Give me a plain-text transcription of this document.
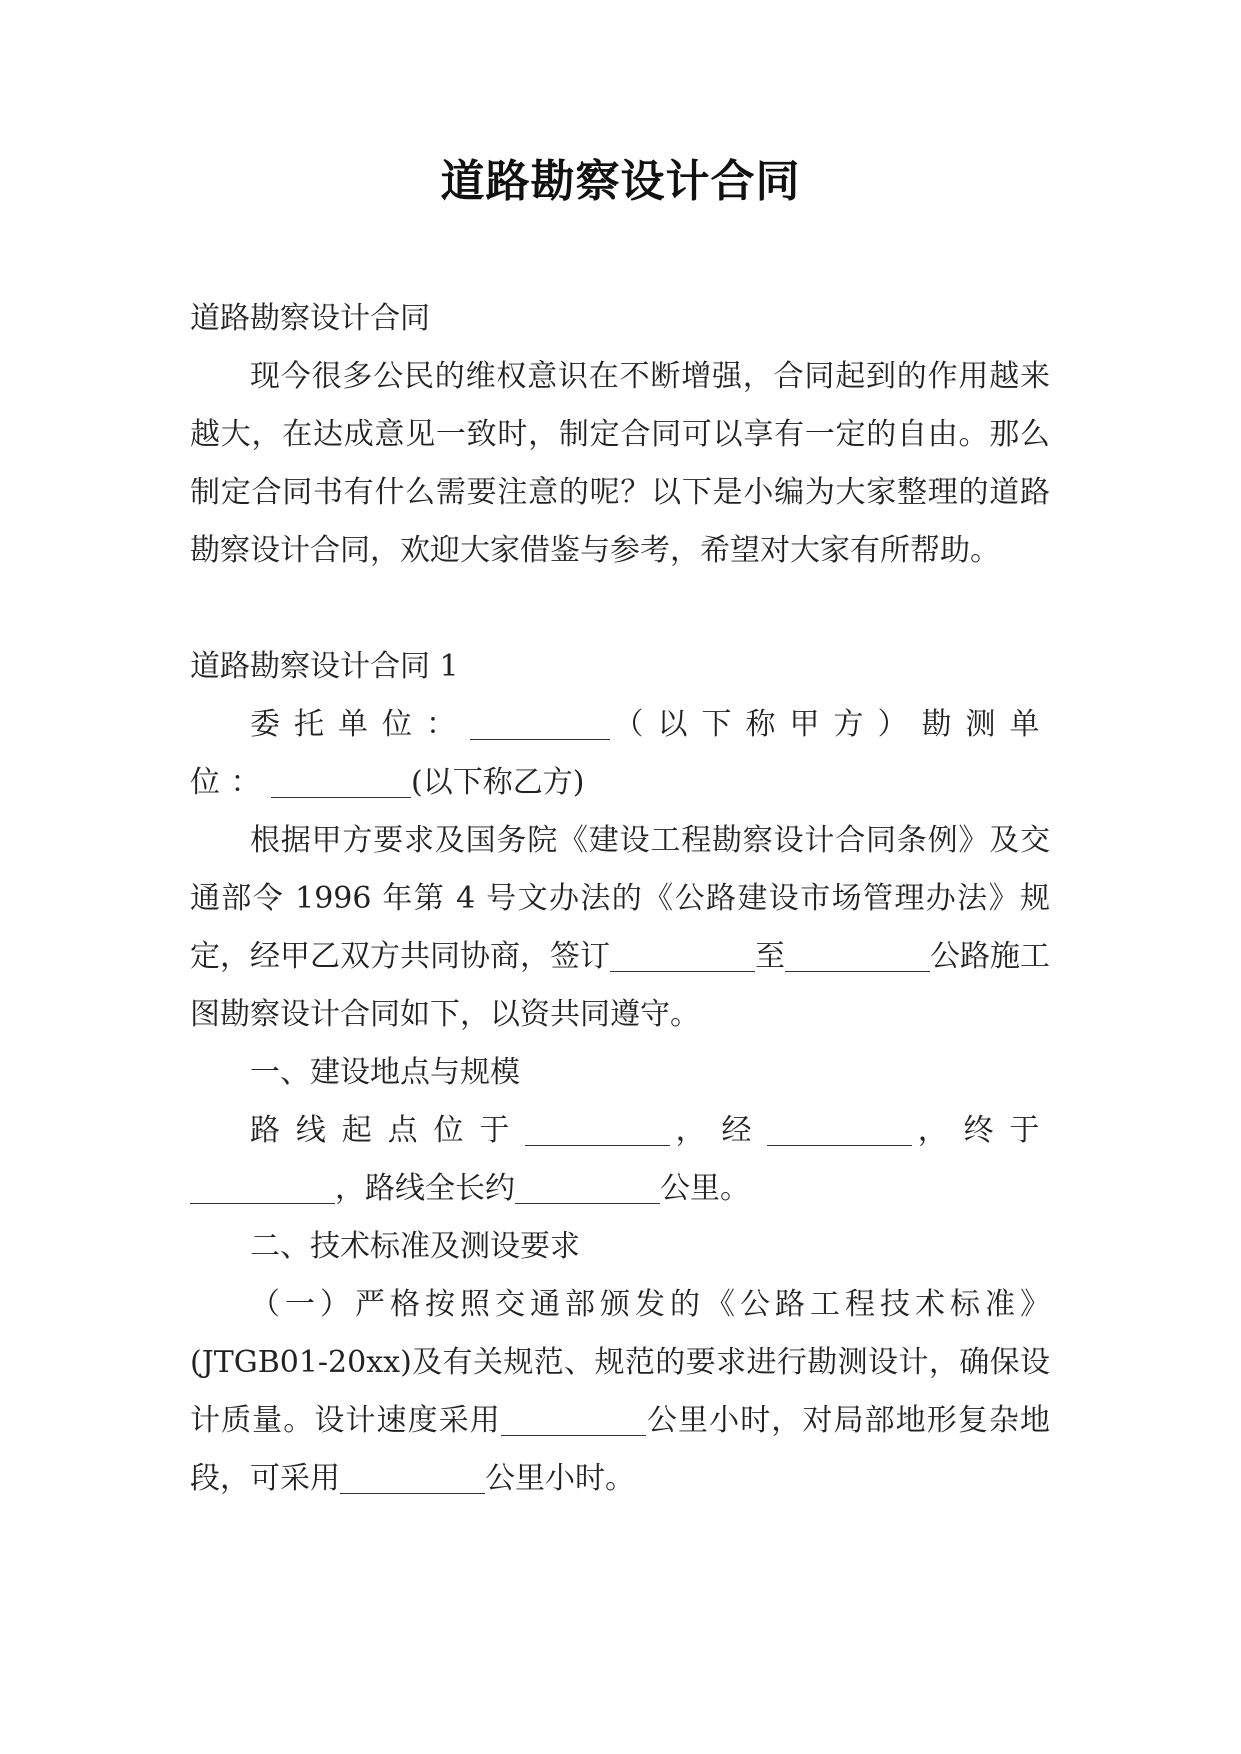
道路勘察设计合同

道路勘察设计合同

现今很多公民的维权意识在不断增强，合同起到的作用越来越大，在达成意见一致时，制定合同可以享有一定的自由。那么制定合同书有什么需要注意的呢？以下是小编为大家整理的道路勘察设计合同，欢迎大家借鉴与参考，希望对大家有所帮助。

道路勘察设计合同 1

委托单位：	（以下称甲方）勘测单位：	(以下称乙方)

根据甲方要求及国务院《建设工程勘察设计合同条例》及交通部令 1996 年第 4 号文办法的《公路建设市场管理办法》规定，经甲乙双方共同协商，签订	至	公路施工图勘察设计合同如下，以资共同遵守。

一、建设地点与规模

路线起点位于	，经	，终于，路线全长约	公里。

二、技术标准及测设要求

（一）严格按照交通部颁发的《公路工程技术标准》(JTGB01-20xx)及有关规范、规范的要求进行勘测设计，确保设计质量。设计速度采用	公里小时，对局部地形复杂地段，可采用	公里小时。
